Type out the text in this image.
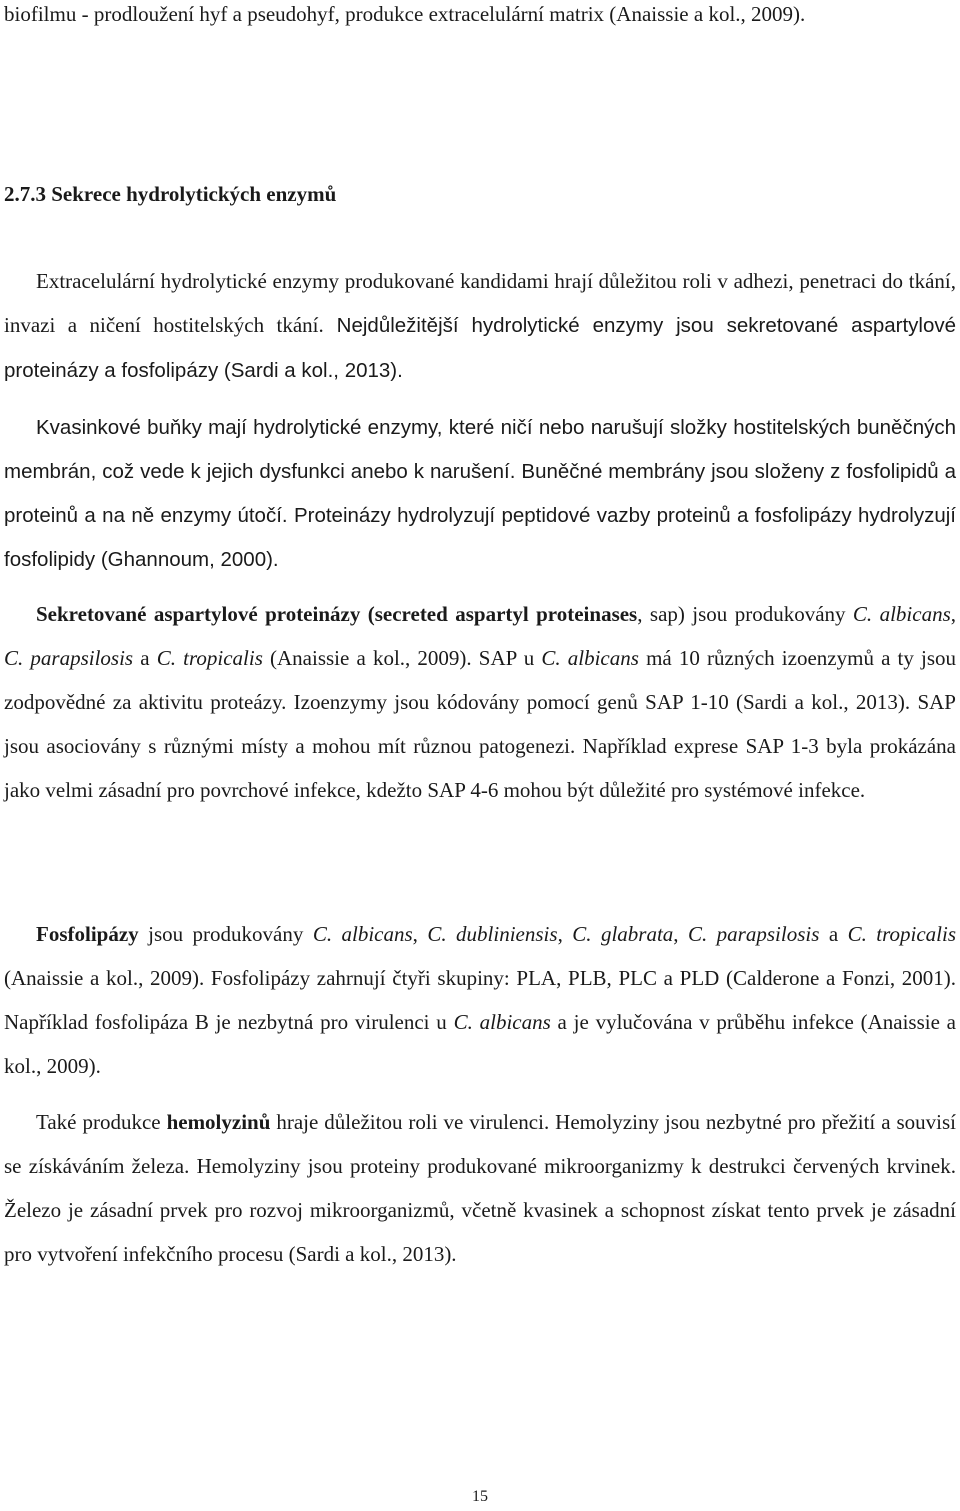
biofilmu - prodloužení hyf a pseudohyf, produkce extracelulární matrix (Anaissie a kol., 2009).

2.7.3 Sekrece hydrolytických enzymů

Extracelulární hydrolytické enzymy produkované kandidami hrají důležitou roli v adhezi, penetraci do tkání, invazi a ničení hostitelských tkání. Nejdůležitější hydrolytické enzymy jsou sekretované aspartylové proteinázy a fosfolipázy (Sardi a kol., 2013).

Kvasinkové buňky mají hydrolytické enzymy, které ničí nebo narušují složky hostitelských buněčných membrán, což vede k jejich dysfunkci anebo k narušení. Buněčné membrány jsou složeny z fosfolipidů a proteinů a na ně enzymy útočí. Proteinázy hydrolyzují peptidové vazby proteinů a fosfolipázy hydrolyzují fosfolipidy (Ghannoum, 2000).

Sekretované aspartylové proteinázy (secreted aspartyl proteinases, sap) jsou produkovány C. albicans, C. parapsilosis a C. tropicalis (Anaissie a kol., 2009). SAP u C. albicans má 10 různých izoenzymů a ty jsou zodpovědné za aktivitu proteázy. Izoenzymy jsou kódovány pomocí genů SAP 1-10 (Sardi a kol., 2013). SAP jsou asociovány s různými místy a mohou mít různou patogenezi. Například exprese SAP 1-3 byla prokázána jako velmi zásadní pro povrchové infekce, kdežto SAP 4-6 mohou být důležité pro systémové infekce.

Fosfolipázy jsou produkovány C. albicans, C. dubliniensis, C. glabrata, C. parapsilosis a C. tropicalis (Anaissie a kol., 2009). Fosfolipázy zahrnují čtyři skupiny: PLA, PLB, PLC a PLD (Calderone a Fonzi, 2001). Například fosfolipáza B je nezbytná pro virulenci u C. albicans a je vylučována v průběhu infekce (Anaissie a kol., 2009).

Také produkce hemolyzinů hraje důležitou roli ve virulenci. Hemolyziny jsou nezbytné pro přežití a souvisí se získáváním železa. Hemolyziny jsou proteiny produkované mikroorganizmy k destrukci červených krvinek. Železo je zásadní prvek pro rozvoj mikroorganizmů, včetně kvasinek a schopnost získat tento prvek je zásadní pro vytvoření infekčního procesu (Sardi a kol., 2013).

15
